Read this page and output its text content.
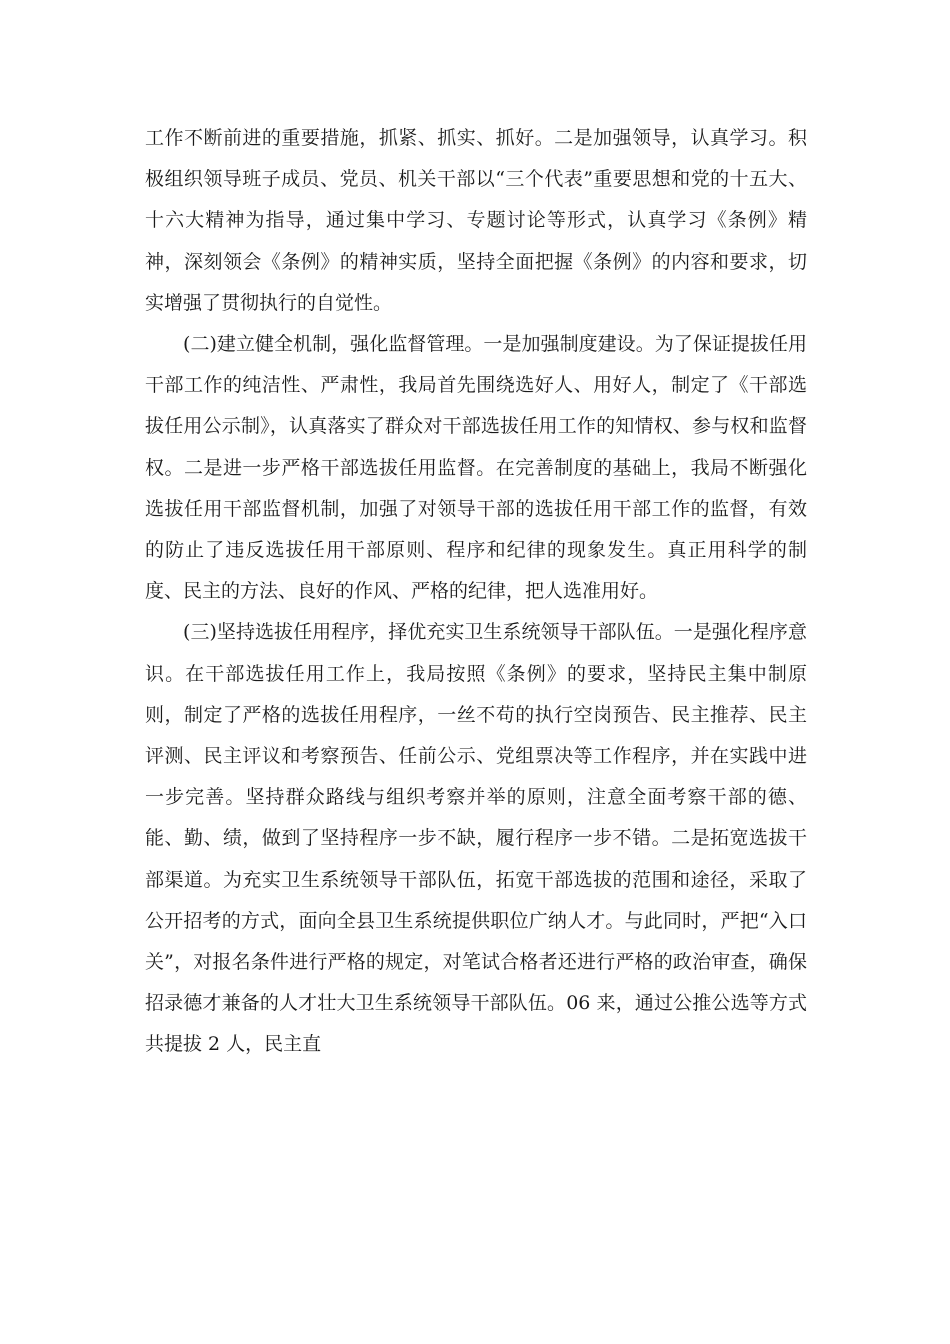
工作不断前进的重要措施，抓紧、抓实、抓好。二是加强领导，认真学习。积极组织领导班子成员、党员、机关干部以“三个代表”重要思想和党的十五大、十六大精神为指导，通过集中学习、专题讨论等形式，认真学习《条例》精神，深刻领会《条例》的精神实质，坚持全面把握《条例》的内容和要求，切实增强了贯彻执行的自觉性。

(二)建立健全机制，强化监督管理。一是加强制度建设。为了保证提拔任用干部工作的纯洁性、严肃性，我局首先围绕选好人、用好人，制定了《干部选拔任用公示制》，认真落实了群众对干部选拔任用工作的知情权、参与权和监督权。二是进一步严格干部选拔任用监督。在完善制度的基础上，我局不断强化选拔任用干部监督机制，加强了对领导干部的选拔任用干部工作的监督，有效的防止了违反选拔任用干部原则、程序和纪律的现象发生。真正用科学的制度、民主的方法、良好的作风、严格的纪律，把人选准用好。

(三)坚持选拔任用程序，择优充实卫生系统领导干部队伍。一是强化程序意识。在干部选拔任用工作上，我局按照《条例》的要求，坚持民主集中制原则，制定了严格的选拔任用程序，一丝不苟的执行空岗预告、民主推荐、民主评测、民主评议和考察预告、任前公示、党组票决等工作程序，并在实践中进一步完善。坚持群众路线与组织考察并举的原则，注意全面考察干部的德、能、勤、绩，做到了坚持程序一步不缺，履行程序一步不错。二是拓宽选拔干部渠道。为充实卫生系统领导干部队伍，拓宽干部选拔的范围和途径，采取了公开招考的方式，面向全县卫生系统提供职位广纳人才。与此同时，严把“入口关”，对报名条件进行严格的规定，对笔试合格者还进行严格的政治审查，确保招录德才兼备的人才壮大卫生系统领导干部队伍。06 来，通过公推公选等方式共提拔 2 人，民主直
